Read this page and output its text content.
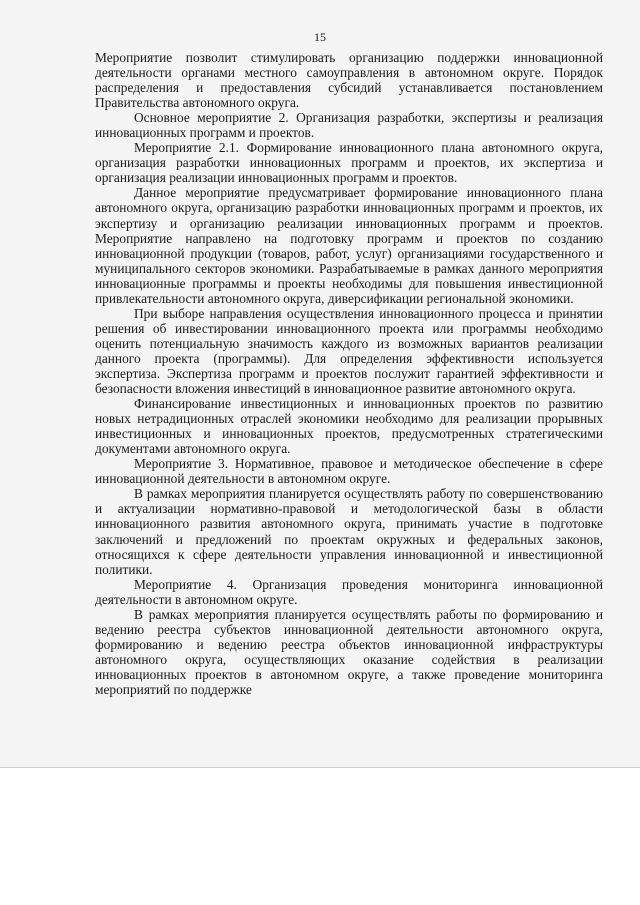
15

Мероприятие позволит стимулировать организацию поддержки инновационной деятельности органами местного самоуправления в автономном округе. Порядок распределения и предоставления субсидий устанавливается постановлением Правительства автономного округа.

Основное мероприятие 2. Организация разработки, экспертизы и реализация инновационных программ и проектов.

Мероприятие 2.1. Формирование инновационного плана автономного округа, организация разработки инновационных программ и проектов, их экспертиза и организация реализации инновационных программ и проектов.

Данное мероприятие предусматривает формирование инновационного плана автономного округа, организацию разработки инновационных программ и проектов, их экспертизу и организацию реализации инновационных программ и проектов. Мероприятие направлено на подготовку программ и проектов по созданию инновационной продукции (товаров, работ, услуг) организациями государственного и муниципального секторов экономики. Разрабатываемые в рамках данного мероприятия инновационные программы и проекты необходимы для повышения инвестиционной привлекательности автономного округа, диверсификации региональной экономики.

При выборе направления осуществления инновационного процесса и принятии решения об инвестировании инновационного проекта или программы необходимо оценить потенциальную значимость каждого из возможных вариантов реализации данного проекта (программы). Для определения эффективности используется экспертиза. Экспертиза программ и проектов послужит гарантией эффективности и безопасности вложения инвестиций в инновационное развитие автономного округа.

Финансирование инвестиционных и инновационных проектов по развитию новых нетрадиционных отраслей экономики необходимо для реализации прорывных инвестиционных и инновационных проектов, предусмотренных стратегическими документами автономного округа.

Мероприятие 3. Нормативное, правовое и методическое обеспечение в сфере инновационной деятельности в автономном округе.

В рамках мероприятия планируется осуществлять работу по совершенствованию и актуализации нормативно-правовой и методологической базы в области инновационного развития автономного округа, принимать участие в подготовке заключений и предложений по проектам окружных и федеральных законов, относящихся к сфере деятельности управления инновационной и инвестиционной политики.

Мероприятие 4. Организация проведения мониторинга инновационной деятельности в автономном округе.

В рамках мероприятия планируется осуществлять работы по формированию и ведению реестра субъектов инновационной деятельности автономного округа, формированию и ведению реестра объектов инновационной инфраструктуры автономного округа, осуществляющих оказание содействия в реализации инновационных проектов в автономном округе, а также проведение мониторинга мероприятий по поддержке
